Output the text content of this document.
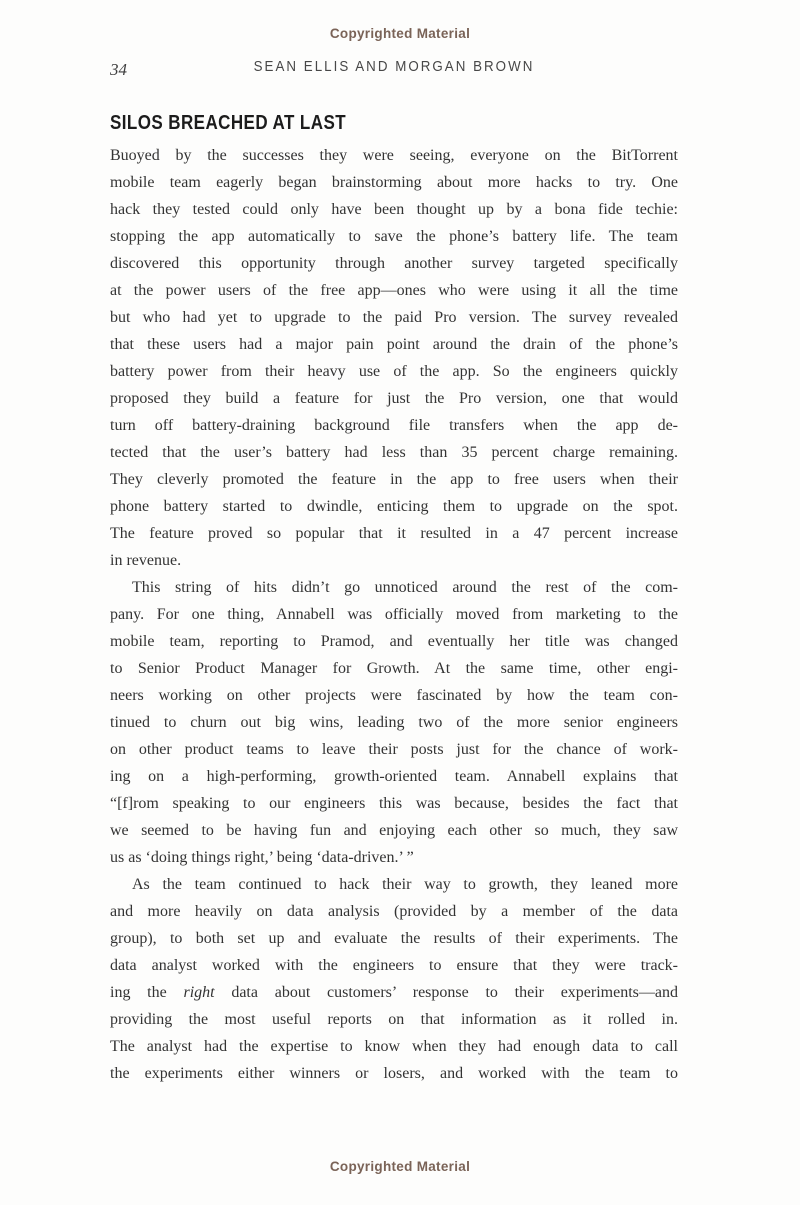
Copyrighted Material
34	SEAN ELLIS AND MORGAN BROWN
SILOS BREACHED AT LAST
Buoyed by the successes they were seeing, everyone on the BitTorrent
mobile team eagerly began brainstorming about more hacks to try. One
hack they tested could only have been thought up by a bona fide techie:
stopping the app automatically to save the phone’s battery life. The team
discovered this opportunity through another survey targeted specifically
at the power users of the free app—ones who were using it all the time
but who had yet to upgrade to the paid Pro version. The survey revealed
that these users had a major pain point around the drain of the phone’s
battery power from their heavy use of the app. So the engineers quickly
proposed they build a feature for just the Pro version, one that would
turn off battery-draining background file transfers when the app de-
tected that the user’s battery had less than 35 percent charge remaining.
They cleverly promoted the feature in the app to free users when their
phone battery started to dwindle, enticing them to upgrade on the spot.
The feature proved so popular that it resulted in a 47 percent increase
in revenue.
This string of hits didn’t go unnoticed around the rest of the com-
pany. For one thing, Annabell was officially moved from marketing to the
mobile team, reporting to Pramod, and eventually her title was changed
to Senior Product Manager for Growth. At the same time, other engi-
neers working on other projects were fascinated by how the team con-
tinued to churn out big wins, leading two of the more senior engineers
on other product teams to leave their posts just for the chance of work-
ing on a high-performing, growth-oriented team. Annabell explains that
“[f]rom speaking to our engineers this was because, besides the fact that
we seemed to be having fun and enjoying each other so much, they saw
us as ‘doing things right,’ being ‘data-driven.’ ”
As the team continued to hack their way to growth, they leaned more
and more heavily on data analysis (provided by a member of the data
group), to both set up and evaluate the results of their experiments. The
data analyst worked with the engineers to ensure that they were track-
ing the right data about customers’ response to their experiments—and
providing the most useful reports on that information as it rolled in.
The analyst had the expertise to know when they had enough data to call
the experiments either winners or losers, and worked with the team to
Copyrighted Material
